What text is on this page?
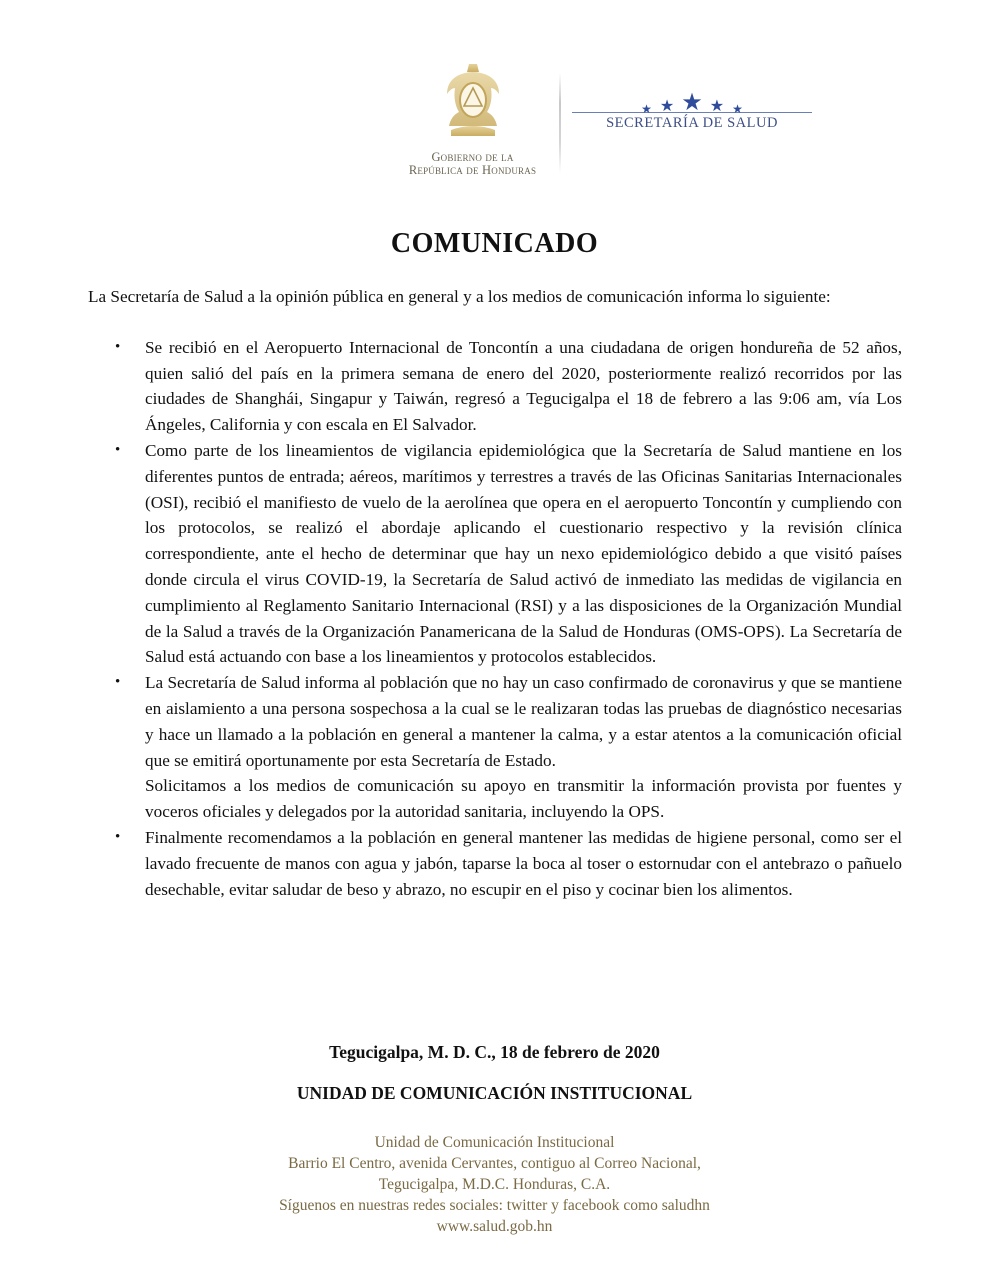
Gobierno de la
República de Honduras
★ ★ ★ ★ ★
SECRETARÍA DE SALUD
COMUNICADO

La Secretaría de Salud a la opinión pública en general y a los medios de comunicación informa lo siguiente:

• Se recibió en el Aeropuerto Internacional de Toncontín a una ciudadana de origen hondureña de 52 años, quien salió del país en la primera semana de enero del 2020, posteriormente realizó recorridos por las ciudades de Shanghái, Singapur y Taiwán, regresó a Tegucigalpa el 18 de febrero a las 9:06 am, vía Los Ángeles, California y con escala en El Salvador.
• Como parte de los lineamientos de vigilancia epidemiológica que la Secretaría de Salud mantiene en los diferentes puntos de entrada; aéreos, marítimos y terrestres a través de las Oficinas Sanitarias Internacionales (OSI), recibió el manifiesto de vuelo de la aerolínea que opera en el aeropuerto Toncontín y cumpliendo con los protocolos, se realizó el abordaje aplicando el cuestionario respectivo y la revisión clínica correspondiente, ante el hecho de determinar que hay un nexo epidemiológico debido a que visitó países donde circula el virus COVID-19, la Secretaría de Salud activó de inmediato las medidas de vigilancia en cumplimiento al Reglamento Sanitario Internacional (RSI) y a las disposiciones de la Organización Mundial de la Salud a través de la Organización Panamericana de la Salud de Honduras (OMS-OPS). La Secretaría de Salud está actuando con base a los lineamientos y protocolos establecidos.
• La Secretaría de Salud informa al población que no hay un caso confirmado de coronavirus y que se mantiene en aislamiento a una persona sospechosa a la cual se le realizaran todas las pruebas de diagnóstico necesarias y hace un llamado a la población en general a mantener la calma, y a estar atentos a la comunicación oficial que se emitirá oportunamente por esta Secretaría de Estado.
Solicitamos a los medios de comunicación su apoyo en transmitir la información provista por fuentes y voceros oficiales y delegados por la autoridad sanitaria, incluyendo la OPS.
• Finalmente recomendamos a la población en general mantener las medidas de higiene personal, como ser el lavado frecuente de manos con agua y jabón, taparse la boca al toser o estornudar con el antebrazo o pañuelo desechable, evitar saludar de beso y abrazo, no escupir en el piso y cocinar bien los alimentos.
Tegucigalpa, M. D. C., 18 de febrero de 2020
UNIDAD DE COMUNICACIÓN INSTITUCIONAL
Unidad de Comunicación Institucional
Barrio El Centro, avenida Cervantes, contiguo al Correo Nacional,
Tegucigalpa, M.D.C. Honduras, C.A.
Síguenos en nuestras redes sociales: twitter y facebook como saludhn
www.salud.gob.hn
